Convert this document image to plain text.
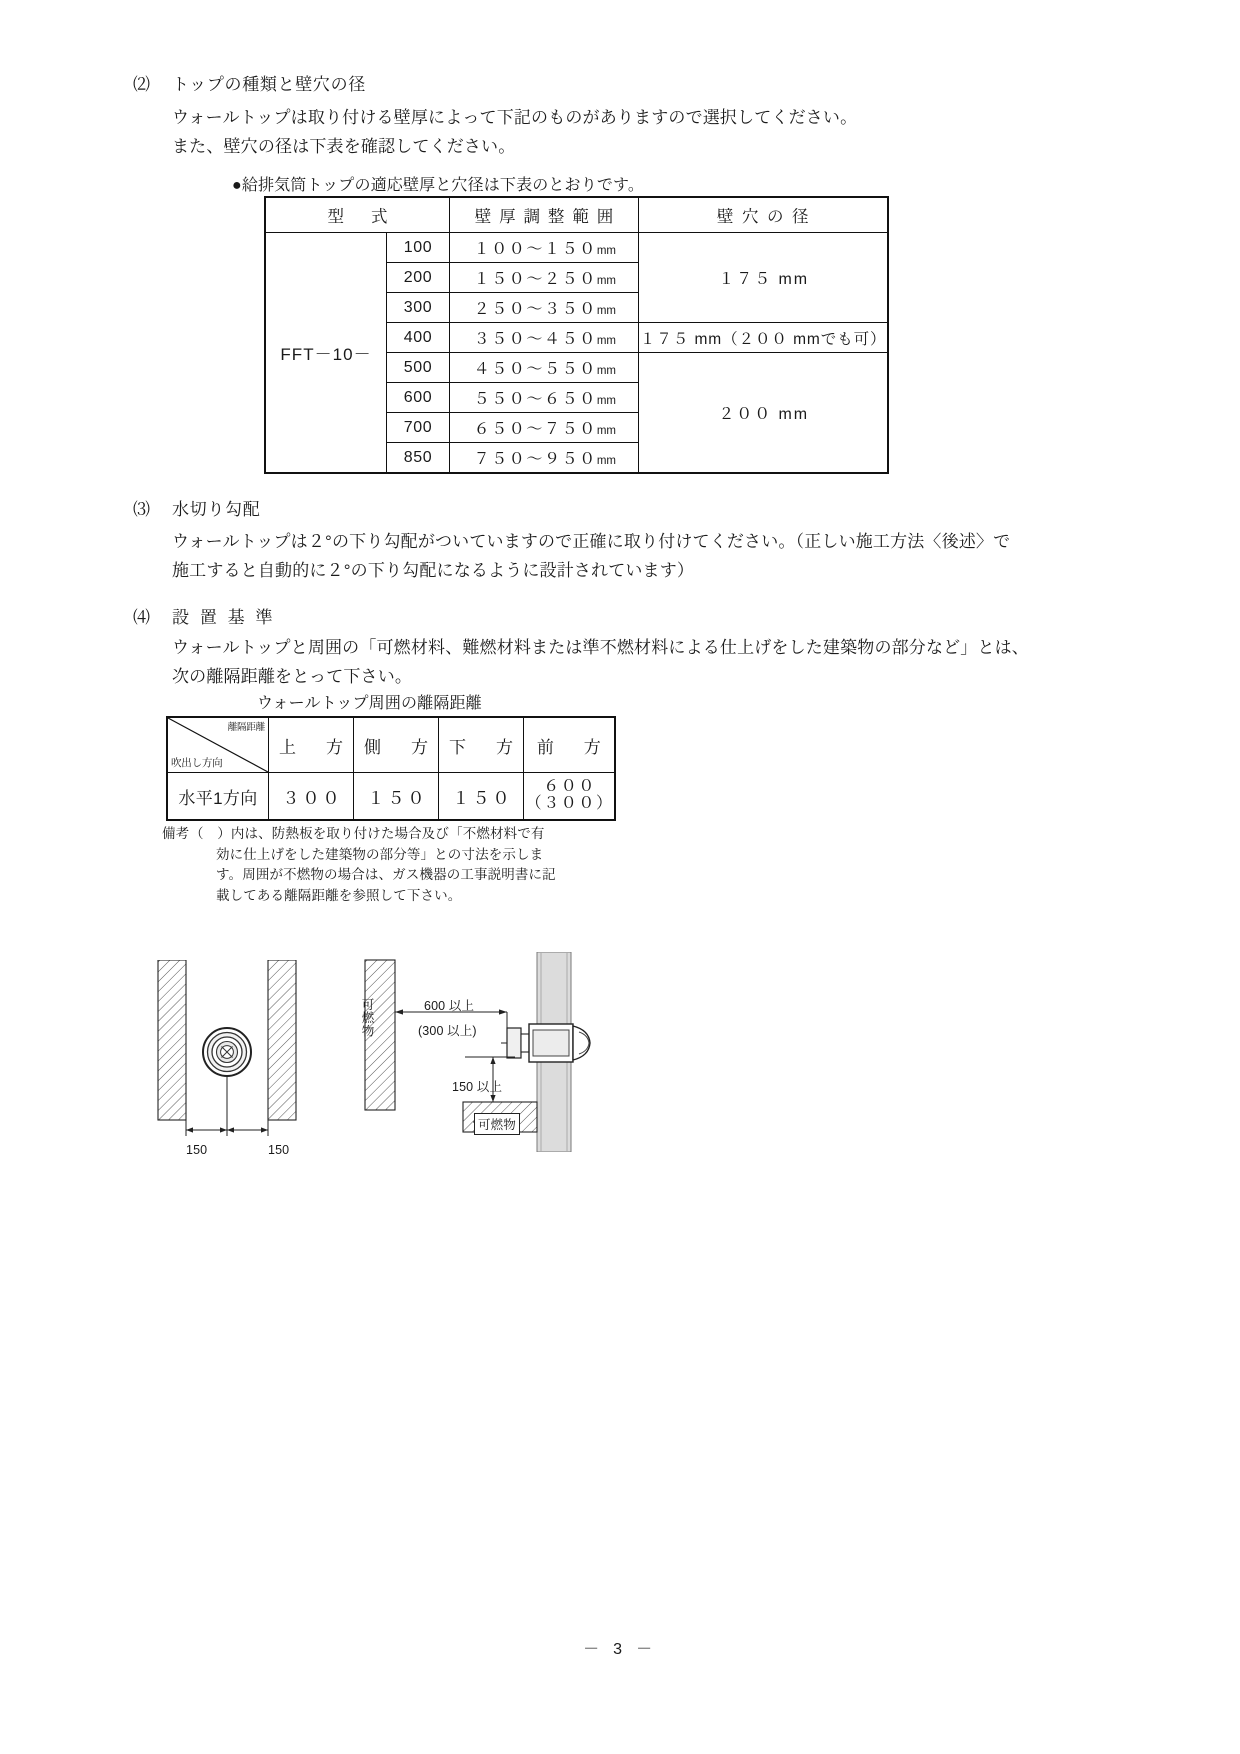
⑵ トップの種類と壁穴の径
ウォールトップは取り付ける壁厚によって下記のものがありますので選択してください。
また、壁穴の径は下表を確認してください。
●給排気筒トップの適応壁厚と穴径は下表のとおりです。
型　式		壁 厚 調 整 範 囲	壁 穴 の 径
FFT－10－	100	１００～１５０mm	１７５ mm
	200	１５０～２５０mm	
	300	２５０～３５０mm	
	400	３５０～４５０mm	１７５ mm（２００ mmでも可）
	500	４５０～５５０mm	２００ mm
	600	５５０～６５０mm	
	700	６５０～７５０mm	
	850	７５０～９５０mm	
⑶ 水切り勾配
ウォールトップは２°の下り勾配がついていますので正確に取り付けてください。（正しい施工方法〈後述〉で
施工すると自動的に２°の下り勾配になるように設計されています）
⑷ 設 置 基 準
ウォールトップと周囲の「可燃材料、難燃材料または準不燃材料による仕上げをした建築物の部分など」とは、
次の離隔距離をとって下さい。
ウォールトップ周囲の離隔距離
離隔距離
吹出し方向	上　方	側　方	下　方	前　方
水平1方向	３００	１５０	１５０	６００
（３００）
備考 （　）内は、防熱板を取り付けた場合及び「不燃材料で有
効に仕上げをした建築物の部分等」との寸法を示しま
す。周囲が不燃物の場合は、ガス機器の工事説明書に記
載してある離隔距離を参照して下さい。
150	150
可燃物	600 以上
(300 以上)
150 以上
可燃物
－ 3 －
